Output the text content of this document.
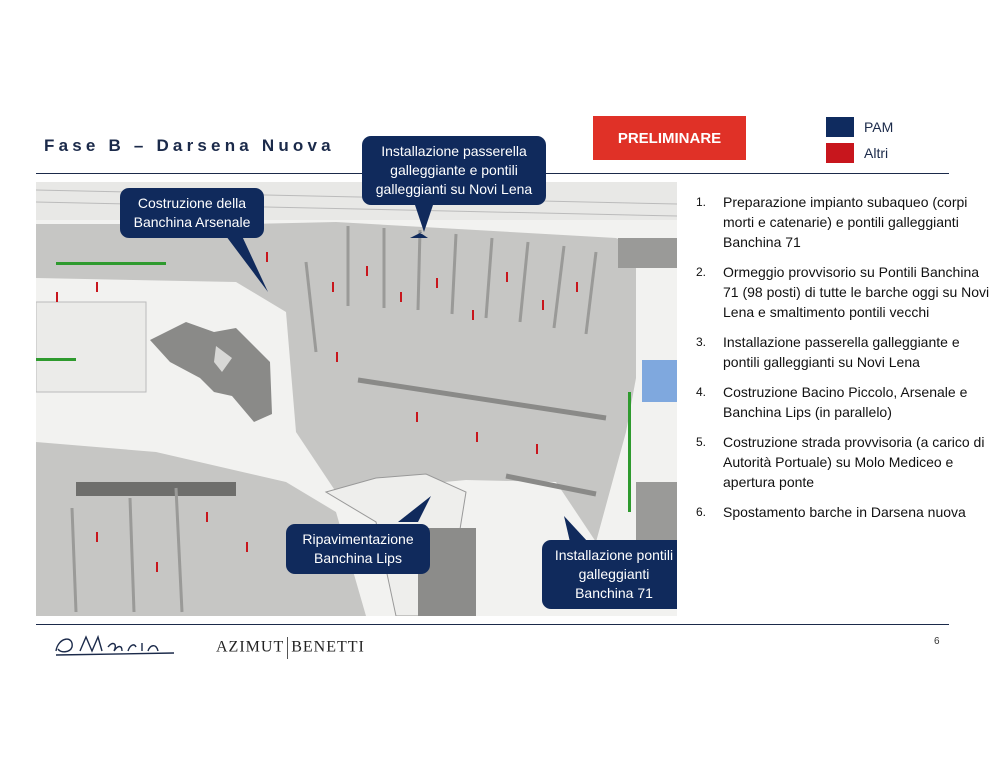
Fase B – Darsena Nuova	PRELIMINARE
PAM
Altri
Costruzione della Banchina Arsenale
Ripavimentazione Banchina Lips	Installazione pontili galleggianti Banchina 71
Installazione passerella galleggiante e pontili galleggianti su Novi Lena
1. Preparazione impianto subaqueo (corpi morti e catenarie) e pontili galleggianti Banchina 71
2. Ormeggio provvisorio su Pontili Banchina 71 (98 posti) di tutte le barche oggi su Novi Lena e smaltimento pontili vecchi
3. Installazione passerella galleggiante e pontili galleggianti su Novi Lena
4. Costruzione Bacino Piccolo, Arsenale e Banchina Lips (in parallelo)
5. Costruzione strada provvisoria (a carico di Autorità Portuale) su Molo Mediceo e apertura ponte
6. Spostamento barche in Darsena nuova
AZIMUT BENETTI	6
